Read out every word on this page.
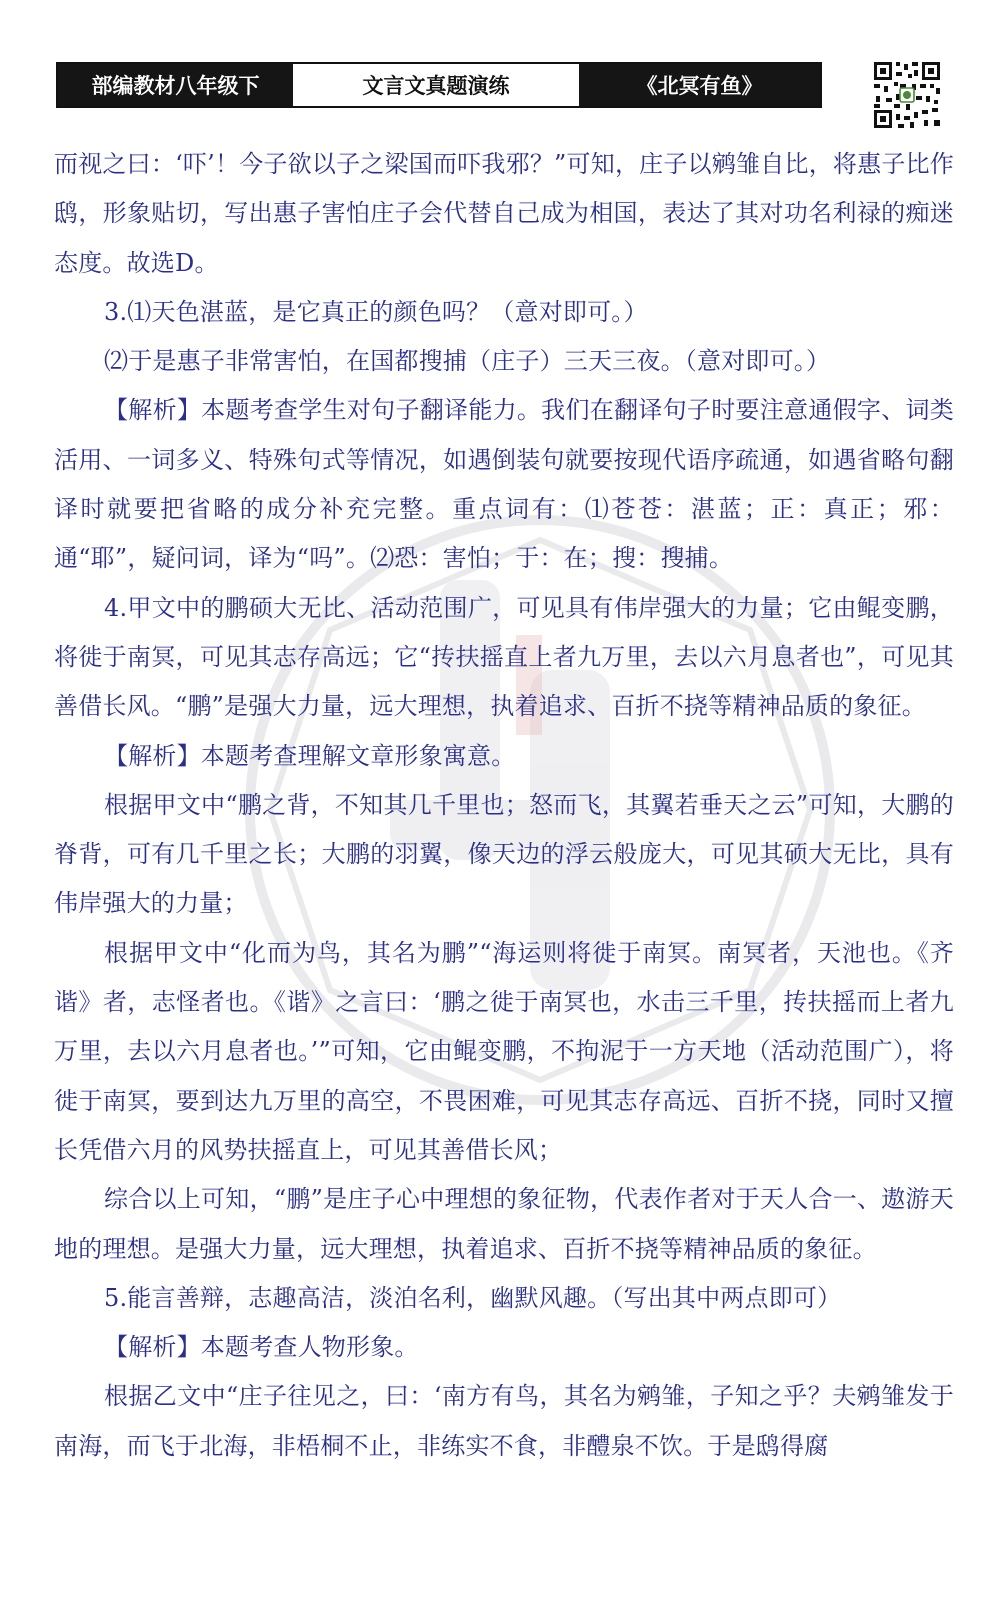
部编教材八年级下	文言文真题演练	《北冥有鱼》

而视之曰：‘吓’！今子欲以子之梁国而吓我邪？”可知，庄子以鹓雏自比，将惠子比作鸱，形象贴切，写出惠子害怕庄子会代替自己成为相国，表达了其对功名利禄的痴迷态度。故选D。

3.⑴天色湛蓝，是它真正的颜色吗？（意对即可。）

⑵于是惠子非常害怕，在国都搜捕（庄子）三天三夜。（意对即可。）

【解析】本题考查学生对句子翻译能力。我们在翻译句子时要注意通假字、词类活用、一词多义、特殊句式等情况，如遇倒装句就要按现代语序疏通，如遇省略句翻译时就要把省略的成分补充完整。重点词有：⑴苍苍：湛蓝；正：真正；邪：通“耶”，疑问词，译为“吗”。⑵恐：害怕；于：在；搜：搜捕。

4.甲文中的鹏硕大无比、活动范围广，可见具有伟岸强大的力量；它由鲲变鹏，将徙于南冥，可见其志存高远；它“抟扶摇直上者九万里，去以六月息者也”，可见其善借长风。“鹏”是强大力量，远大理想，执着追求、百折不挠等精神品质的象征。

【解析】本题考查理解文章形象寓意。

根据甲文中“鹏之背，不知其几千里也；怒而飞，其翼若垂天之云”可知，大鹏的脊背，可有几千里之长；大鹏的羽翼，像天边的浮云般庞大，可见其硕大无比，具有伟岸强大的力量；

根据甲文中“化而为鸟，其名为鹏”“海运则将徙于南冥。南冥者，天池也。《齐谐》者，志怪者也。《谐》之言曰：‘鹏之徙于南冥也，水击三千里，抟扶摇而上者九万里，去以六月息者也。’”可知，它由鲲变鹏，不拘泥于一方天地（活动范围广），将徙于南冥，要到达九万里的高空，不畏困难，可见其志存高远、百折不挠，同时又擅长凭借六月的风势扶摇直上，可见其善借长风；

综合以上可知，“鹏”是庄子心中理想的象征物，代表作者对于天人合一、遨游天地的理想。是强大力量，远大理想，执着追求、百折不挠等精神品质的象征。

5.能言善辩，志趣高洁，淡泊名利，幽默风趣。（写出其中两点即可）

【解析】本题考查人物形象。

根据乙文中“庄子往见之，曰：‘南方有鸟，其名为鹓雏，子知之乎？夫鹓雏发于南海，而飞于北海，非梧桐不止，非练实不食，非醴泉不饮。于是鸱得腐
